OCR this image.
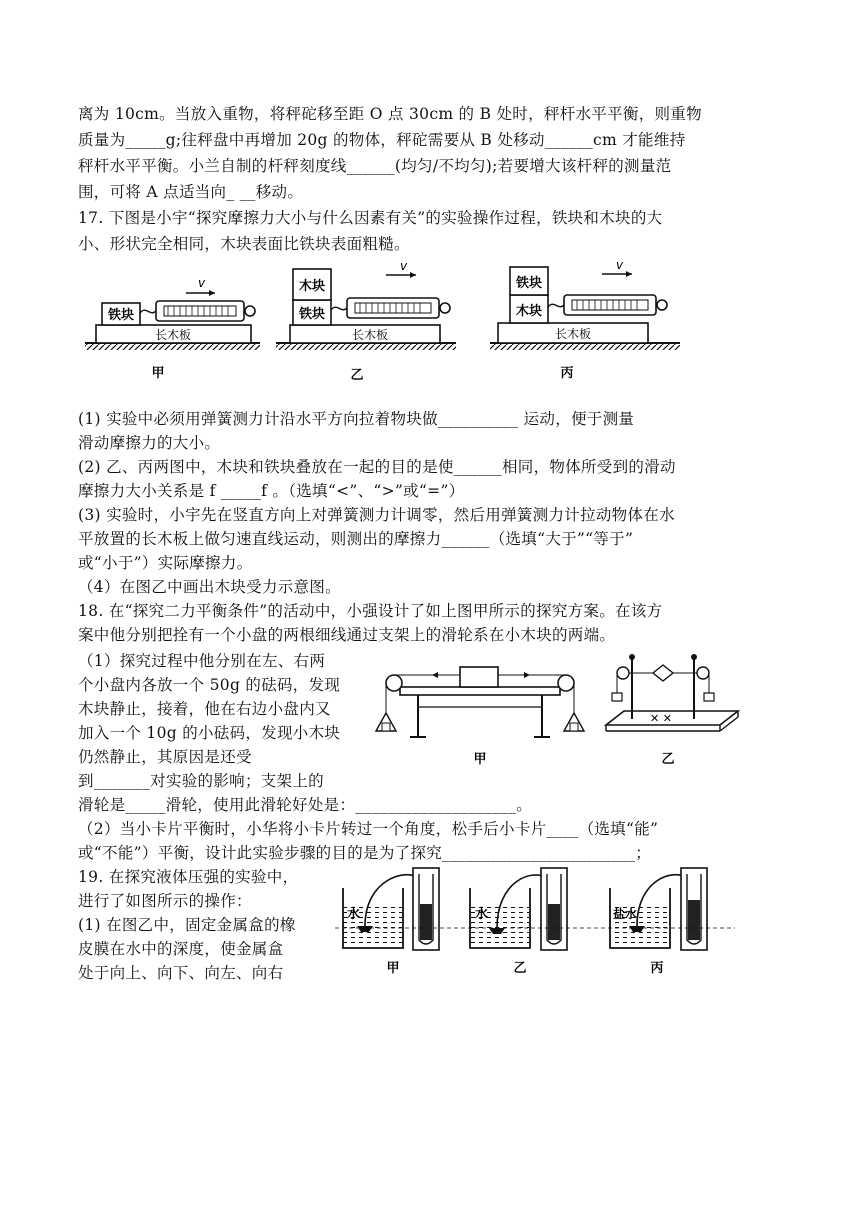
离为 10cm。当放入重物，将秤砣移至距 O 点 30cm 的 B 处时，秤杆水平平衡，则重物
质量为_____g;往秤盘中再增加 20g 的物体，秤砣需要从 B 处移动______cm 才能维持
秤杆水平平衡。小兰自制的杆秤刻度线______(均匀/不均匀);若要增大该杆秤的测量范
围，可将 A 点适当向_ __移动。
17. 下图是小宇“探究摩擦力大小与什么因素有关”的实验操作过程，铁块和木块的大
小、形状完全相同，木块表面比铁块表面粗糙。
长木板
铁块
v
长木板
铁块
木块
v
长木板
木块
铁块
v
甲	乙	丙
(1) 实验中必须用弹簧测力计沿水平方向拉着物块做__________ 运动，便于测量
滑动摩擦力的大小。
(2) 乙、丙两图中，木块和铁块叠放在一起的目的是使______相同，物体所受到的滑动
摩擦力大小关系是 f _____f 。（选填“<”、“>”或“=”）
(3) 实验时，小宇先在竖直方向上对弹簧测力计调零，然后用弹簧测力计拉动物体在水
平放置的长木板上做匀速直线运动，则测出的摩擦力______（选填“大于”“等于”
或“小于”）实际摩擦力。
（4）在图乙中画出木块受力示意图。
18. 在“探究二力平衡条件”的活动中，小强设计了如上图甲所示的探究方案。在该方
案中他分别把拴有一个小盘的两根细线通过支架上的滑轮系在小木块的两端。
（1）探究过程中他分别在左、右两
个小盘内各放一个 50g 的砝码，发现
木块静止，接着，他在右边小盘内又
加入一个 10g 的小砝码，发现小木块
仍然静止，其原因是还受
到_______对实验的影响；支架上的
滑轮是_____滑轮，使用此滑轮好处是：____________________。
✕ ✕
甲	乙
（2）当小卡片平衡时，小华将小卡片转过一个角度，松手后小卡片____（选填“能”
或“不能”）平衡，设计此实验步骤的目的是为了探究________________________；
19. 在探究液体压强的实验中，
进行了如图所示的操作：
(1) 在图乙中，固定金属盒的橡
皮膜在水中的深度，使金属盒
处于向上、向下、向左、向右
水	水	盐水
甲	乙	丙
